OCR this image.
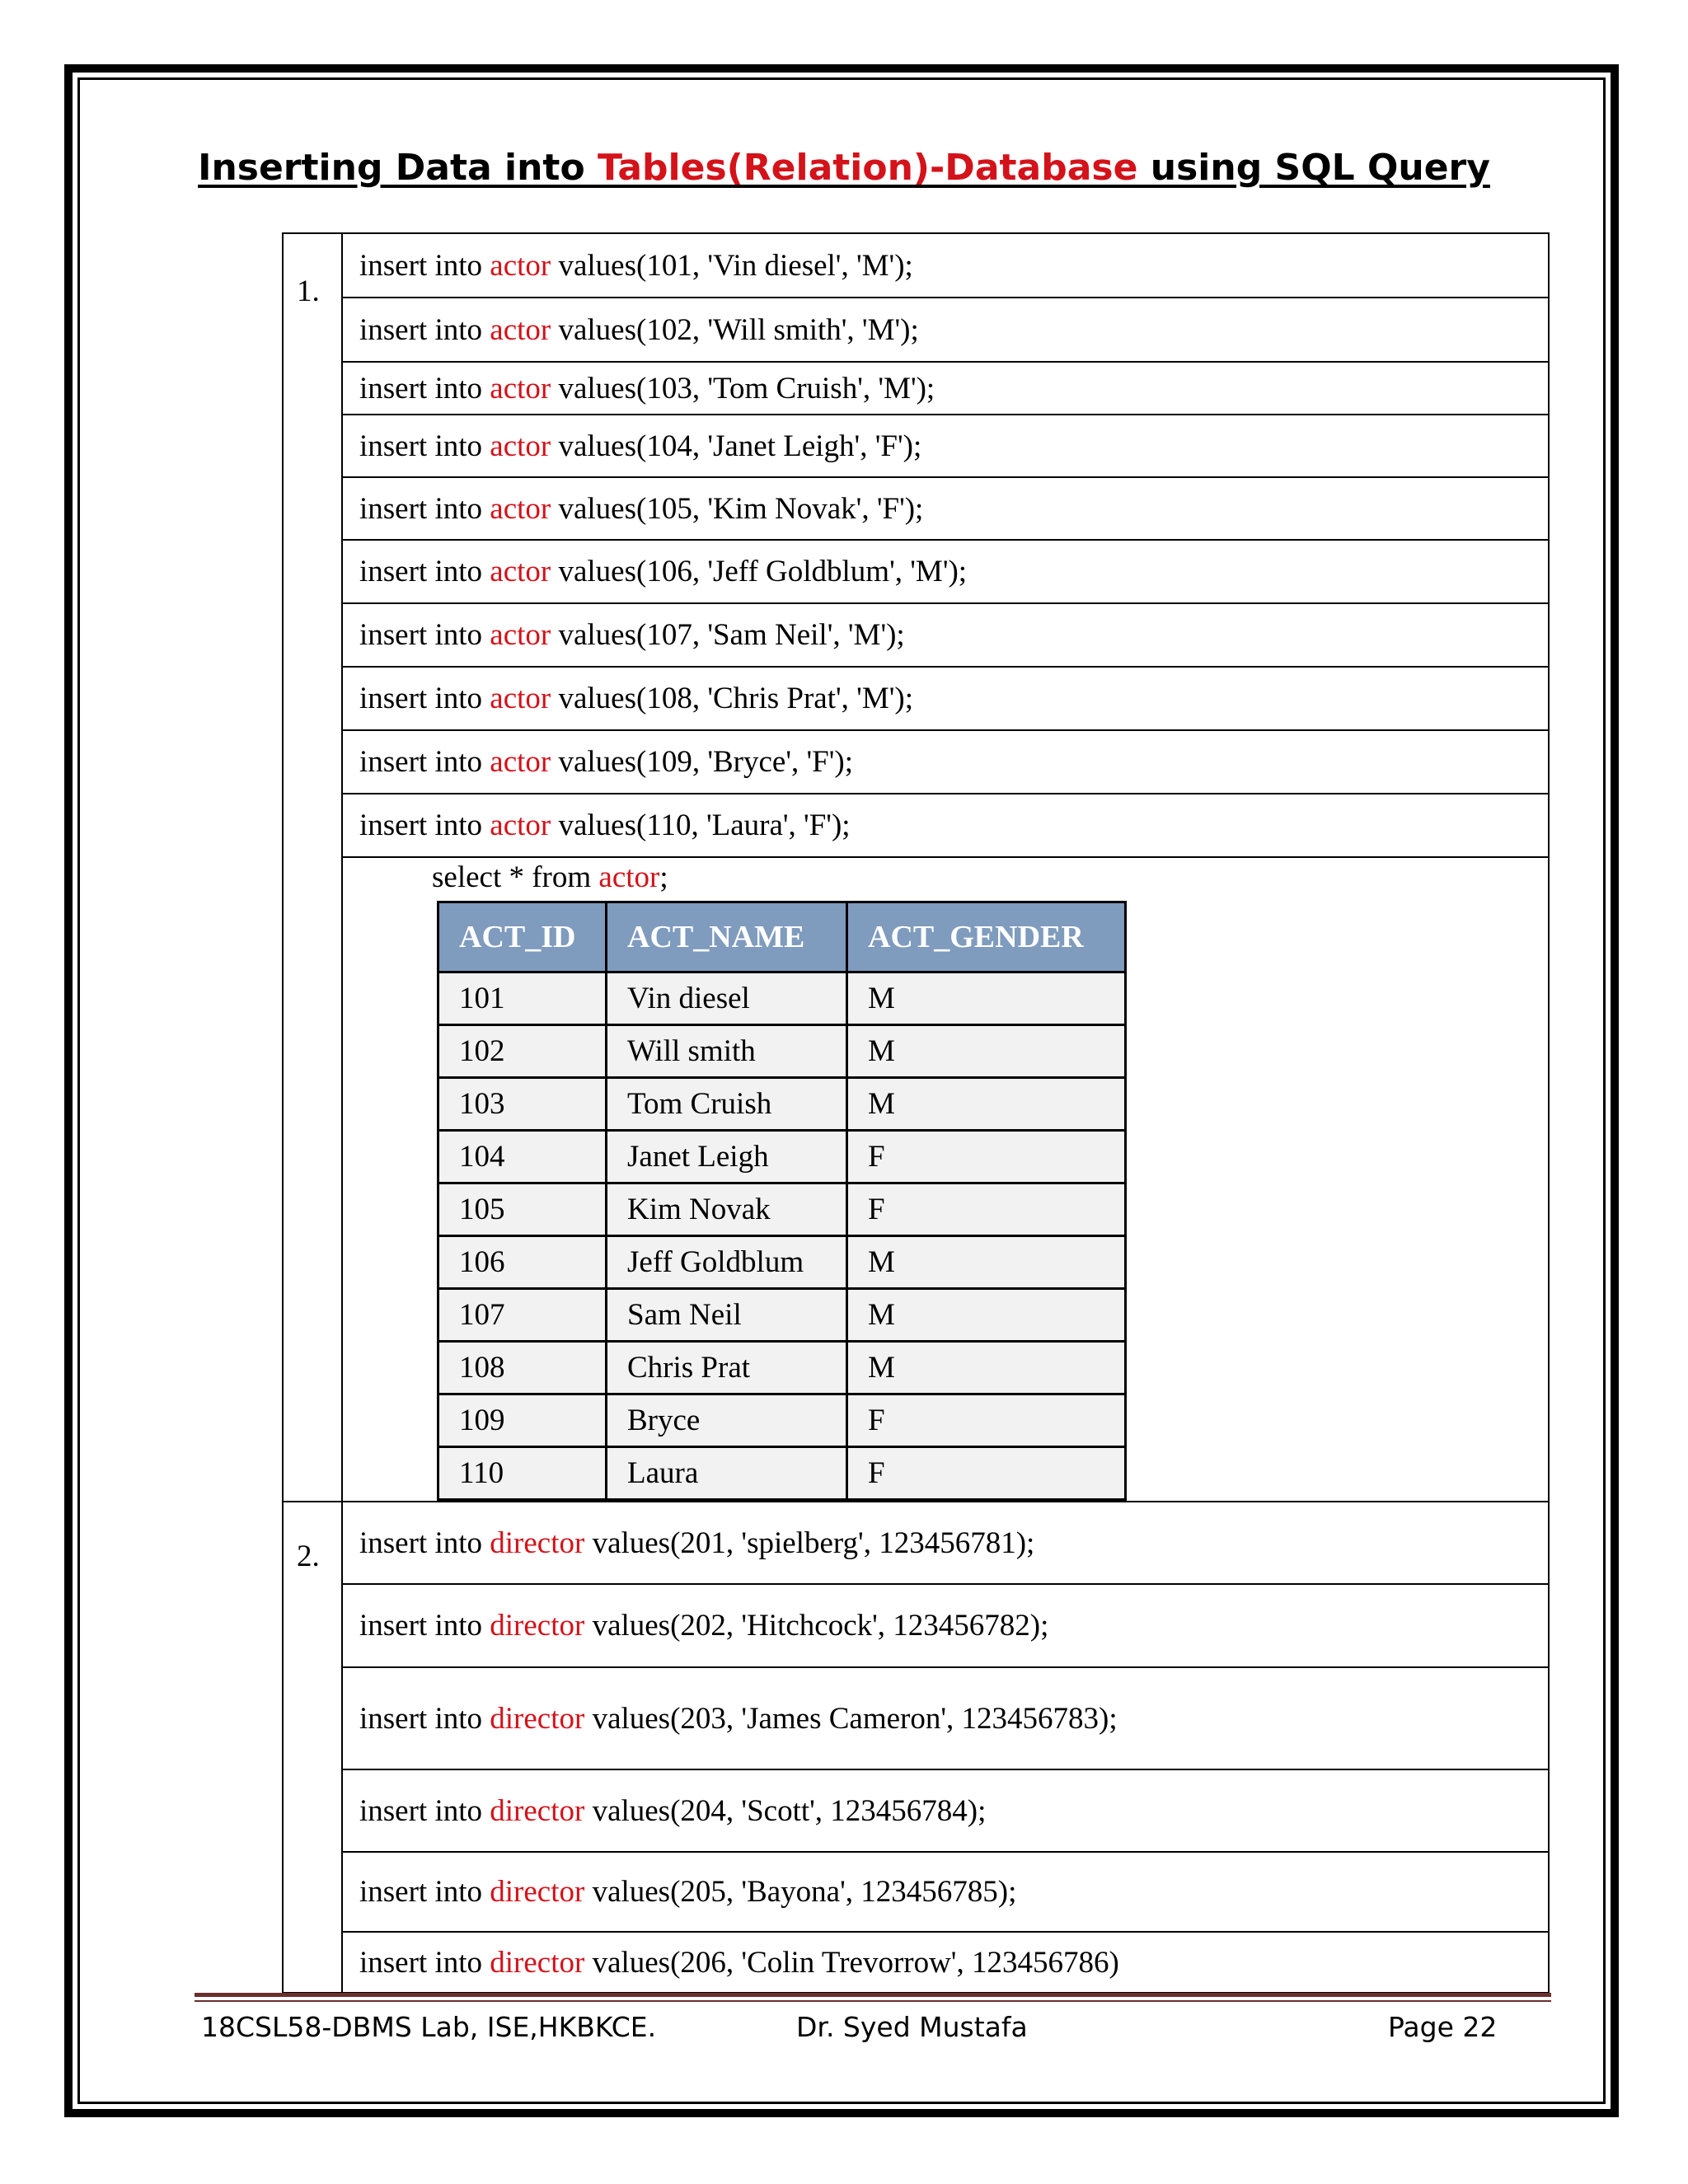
Inserting Data into Tables(Relation)-Database using SQL Query
1.
	insert into actor values(101, 'Vin diesel', 'M');
insert into actor values(102, 'Will smith', 'M');
insert into actor values(103, 'Tom Cruish', 'M');
insert into actor values(104, 'Janet Leigh', 'F');
insert into actor values(105, 'Kim Novak', 'F');
insert into actor values(106, 'Jeff Goldblum', 'M');
insert into actor values(107, 'Sam Neil', 'M');
insert into actor values(108, 'Chris Prat', 'M');
insert into actor values(109, 'Bryce', 'F');
insert into actor values(110, 'Laura', 'F');

select * from actor;
ACT_ID	ACT_NAME	ACT_GENDER
101	Vin diesel	M
102	Will smith	M
103	Tom Cruish	M
104	Janet Leigh	F
105	Kim Novak	F
106	Jeff Goldblum	M
107	Sam Neil	M
108	Chris Prat	M
109	Bryce	F
110	Laura	F

2.	insert into director values(201, 'spielberg', 123456781);
insert into director values(202, 'Hitchcock', 123456782);
insert into director values(203, 'James Cameron', 123456783);
insert into director values(204, 'Scott', 123456784);
insert into director values(205, 'Bayona', 123456785);
insert into director values(206, 'Colin Trevorrow', 123456786)
18CSL58-DBMS Lab, ISE,HKBKCE.	Dr. Syed Mustafa	Page 22
